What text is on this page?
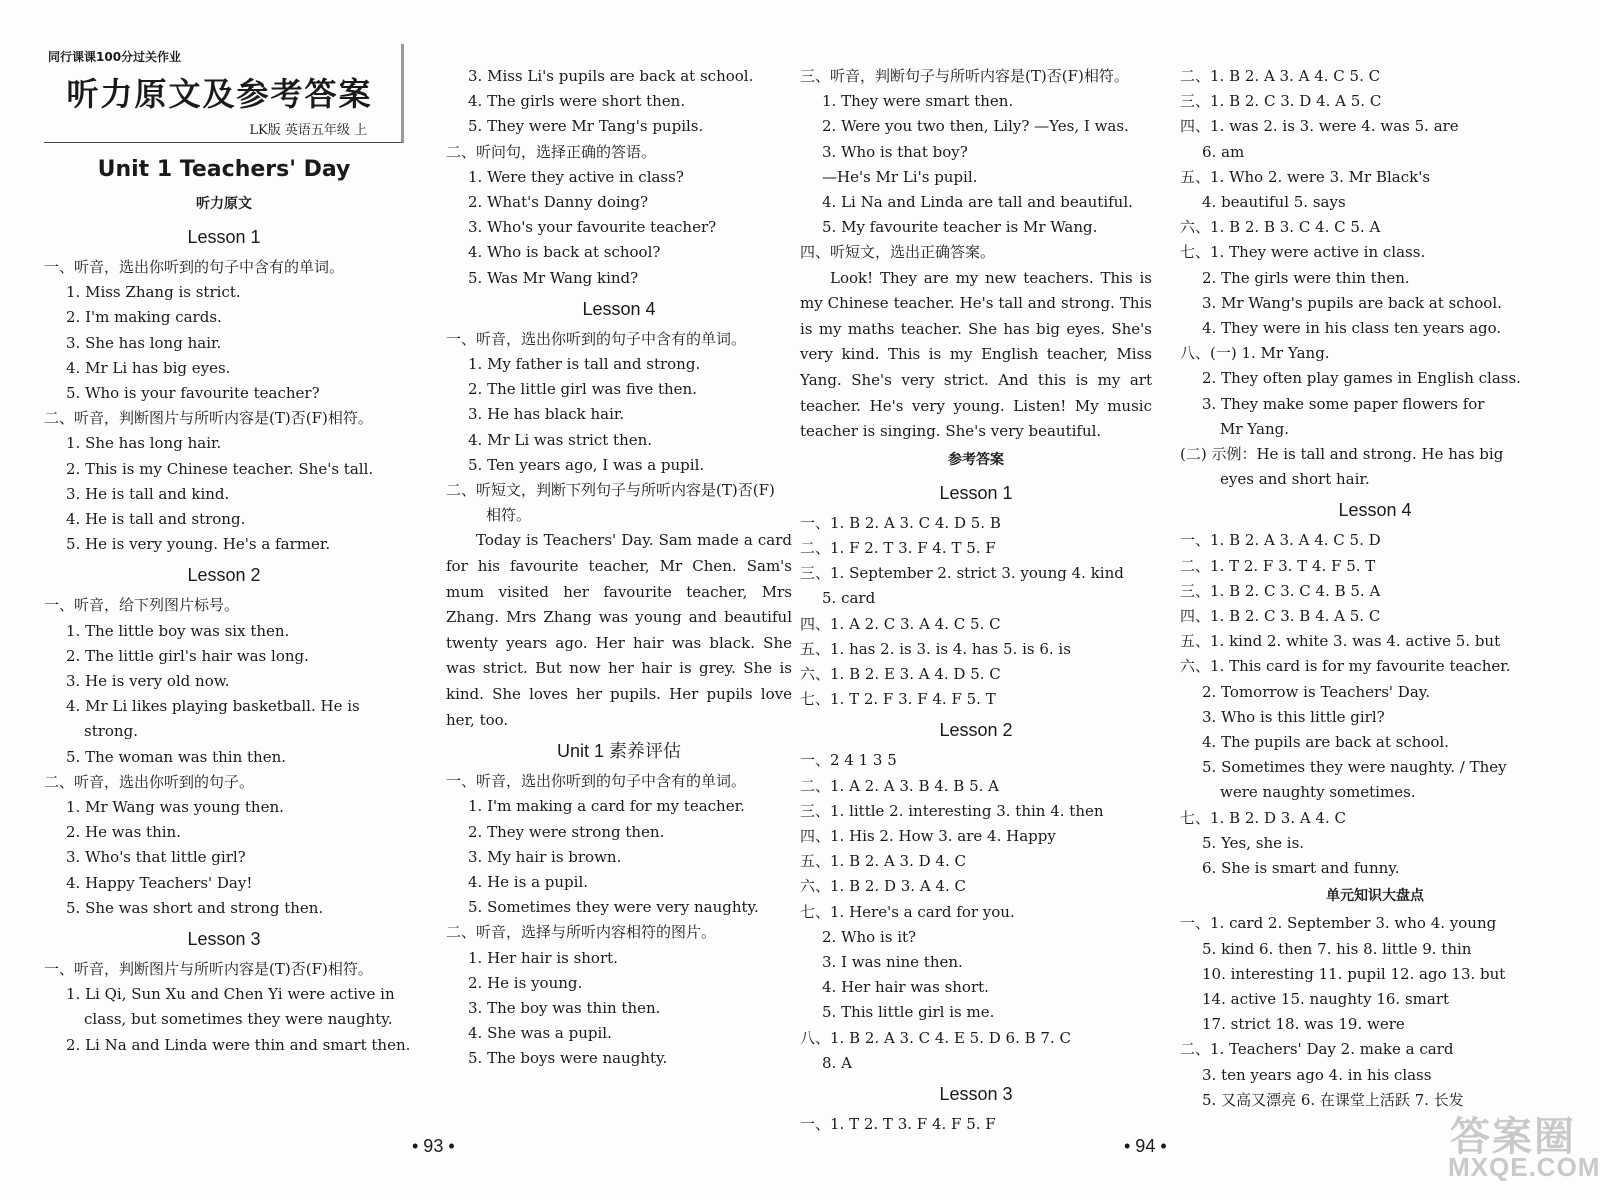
同行课课100分过关作业
听力原文及参考答案
LK版 英语五年级 上
Unit 1 Teachers' Day
听力原文
Lesson 1
一、听音，选出你听到的句子中含有的单词。
1. Miss Zhang is strict.
2. I'm making cards.
3. She has long hair.
4. Mr Li has big eyes.
5. Who is your favourite teacher?
二、听音，判断图片与所听内容是(T)否(F)相符。
1. She has long hair.
2. This is my Chinese teacher. She's tall.
3. He is tall and kind.
4. He is tall and strong.
5. He is very young. He's a farmer.
Lesson 2
一、听音，给下列图片标号。
1. The little boy was six then.
2. The little girl's hair was long.
3. He is very old now.
4. Mr Li likes playing basketball. He is
strong.
5. The woman was thin then.
二、听音，选出你听到的句子。
1. Mr Wang was young then.
2. He was thin.
3. Who's that little girl?
4. Happy Teachers' Day!
5. She was short and strong then.
Lesson 3
一、听音，判断图片与所听内容是(T)否(F)相符。
1. Li Qi, Sun Xu and Chen Yi were active in
class, but sometimes they were naughty.
2. Li Na and Linda were thin and smart then.
3. Miss Li's pupils are back at school.
4. The girls were short then.
5. They were Mr Tang's pupils.
二、听问句，选择正确的答语。
1. Were they active in class?
2. What's Danny doing?
3. Who's your favourite teacher?
4. Who is back at school?
5. Was Mr Wang kind?
Lesson 4
一、听音，选出你听到的句子中含有的单词。
1. My father is tall and strong.
2. The little girl was five then.
3. He has black hair.
4. Mr Li was strict then.
5. Ten years ago, I was a pupil.
二、听短文，判断下列句子与所听内容是(T)否(F)
相符。
Today is Teachers' Day. Sam made a card for his favourite teacher, Mr Chen. Sam's mum visited her favourite teacher, Mrs Zhang. Mrs Zhang was young and beautiful twenty years ago. Her hair was black. She was strict. But now her hair is grey. She is kind. She loves her pupils. Her pupils love her, too.
Unit 1 素养评估
一、听音，选出你听到的句子中含有的单词。
1. I'm making a card for my teacher.
2. They were strong then.
3. My hair is brown.
4. He is a pupil.
5. Sometimes they were very naughty.
二、听音，选择与所听内容相符的图片。
1. Her hair is short.
2. He is young.
3. The boy was thin then.
4. She was a pupil.
5. The boys were naughty.
三、听音，判断句子与所听内容是(T)否(F)相符。
1. They were smart then.
2. Were you two then, Lily? —Yes, I was.
3. Who is that boy?
—He's Mr Li's pupil.
4. Li Na and Linda are tall and beautiful.
5. My favourite teacher is Mr Wang.
四、听短文，选出正确答案。
Look! They are my new teachers. This is my Chinese teacher. He's tall and strong. This is my maths teacher. She has big eyes. She's very kind. This is my English teacher, Miss Yang. She's very strict. And this is my art teacher. He's very young. Listen! My music teacher is singing. She's very beautiful.
参考答案
Lesson 1
一、1. B 2. A 3. C 4. D 5. B
二、1. F 2. T 3. F 4. T 5. F
三、1. September 2. strict 3. young 4. kind
5. card
四、1. A 2. C 3. A 4. C 5. C
五、1. has 2. is 3. is 4. has 5. is 6. is
六、1. B 2. E 3. A 4. D 5. C
七、1. T 2. F 3. F 4. F 5. T
Lesson 2
一、2 4 1 3 5
二、1. A 2. A 3. B 4. B 5. A
三、1. little 2. interesting 3. thin 4. then
四、1. His 2. How 3. are 4. Happy
五、1. B 2. A 3. D 4. C
六、1. B 2. D 3. A 4. C
七、1. Here's a card for you.
2. Who is it?
3. I was nine then.
4. Her hair was short.
5. This little girl is me.
八、1. B 2. A 3. C 4. E 5. D 6. B 7. C
8. A
Lesson 3
一、1. T 2. T 3. F 4. F 5. F
二、1. B 2. A 3. A 4. C 5. C
三、1. B 2. C 3. D 4. A 5. C
四、1. was 2. is 3. were 4. was 5. are
6. am
五、1. Who 2. were 3. Mr Black's
4. beautiful 5. says
六、1. B 2. B 3. C 4. C 5. A
七、1. They were active in class.
2. The girls were thin then.
3. Mr Wang's pupils are back at school.
4. They were in his class ten years ago.
八、(一) 1. Mr Yang.
2. They often play games in English class.
3. They make some paper flowers for
Mr Yang.
(二) 示例：He is tall and strong. He has big
eyes and short hair.
Lesson 4
一、1. B 2. A 3. A 4. C 5. D
二、1. T 2. F 3. T 4. F 5. T
三、1. B 2. C 3. C 4. B 5. A
四、1. B 2. C 3. B 4. A 5. C
五、1. kind 2. white 3. was 4. active 5. but
六、1. This card is for my favourite teacher.
2. Tomorrow is Teachers' Day.
3. Who is this little girl?
4. The pupils are back at school.
5. Sometimes they were naughty. / They
were naughty sometimes.
七、1. B 2. D 3. A 4. C
5. Yes, she is.
6. She is smart and funny.
单元知识大盘点
一、1. card 2. September 3. who 4. young
5. kind 6. then 7. his 8. little 9. thin
10. interesting 11. pupil 12. ago 13. but
14. active 15. naughty 16. smart
17. strict 18. was 19. were
二、1. Teachers' Day 2. make a card
3. ten years ago 4. in his class
5. 又高又漂亮 6. 在课堂上活跃 7. 长发
• 93 •	• 94 •	答案圈
MXQE.COM
